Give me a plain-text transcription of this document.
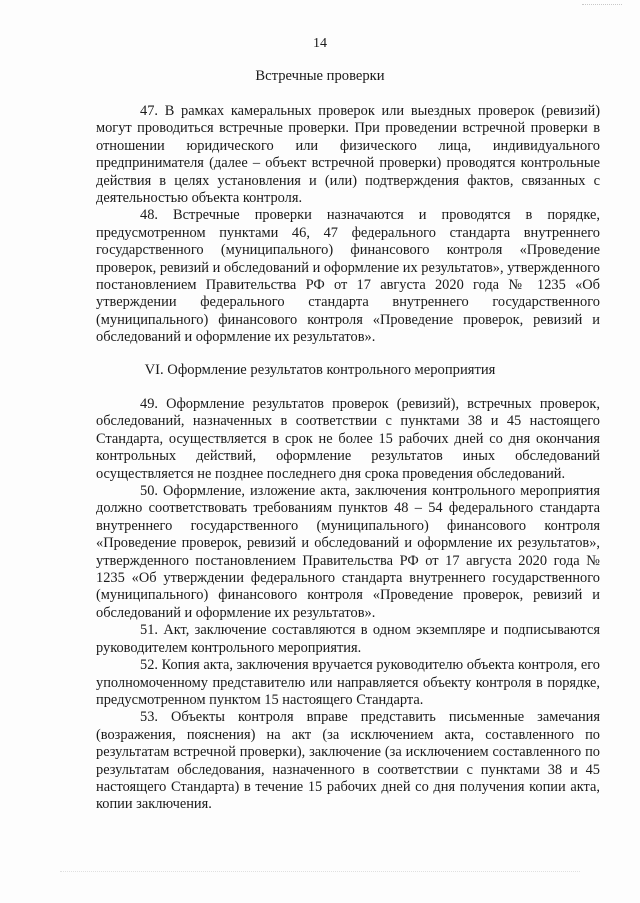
14
Встречные проверки

47. В рамках камеральных проверок или выездных проверок (ревизий) могут проводиться встречные проверки. При проведении встречной проверки в отношении юридического или физического лица, индивидуального предпринимателя (далее – объект встречной проверки) проводятся контрольные действия в целях установления и (или) подтверждения фактов, связанных с деятельностью объекта контроля.

48. Встречные проверки назначаются и проводятся в порядке, предусмотренном пунктами 46, 47 федерального стандарта внутреннего государственного (муниципального) финансового контроля «Проведение проверок, ревизий и обследований и оформление их результатов», утвержденного постановлением Правительства РФ от 17 августа 2020 года № 1235 «Об утверждении федерального стандарта внутреннего государственного (муниципального) финансового контроля «Проведение проверок, ревизий и обследований и оформление их результатов».

VI. Оформление результатов контрольного мероприятия

49. Оформление результатов проверок (ревизий), встречных проверок, обследований, назначенных в соответствии с пунктами 38 и 45 настоящего Стандарта, осуществляется в срок не более 15 рабочих дней со дня окончания контрольных действий, оформление результатов иных обследований осуществляется не позднее последнего дня срока проведения обследований.

50. Оформление, изложение акта, заключения контрольного мероприятия должно соответствовать требованиям пунктов 48 – 54 федерального стандарта внутреннего государственного (муниципального) финансового контроля «Проведение проверок, ревизий и обследований и оформление их результатов», утвержденного постановлением Правительства РФ от 17 августа 2020 года № 1235 «Об утверждении федерального стандарта внутреннего государственного (муниципального) финансового контроля «Проведение проверок, ревизий и обследований и оформление их результатов».

51. Акт, заключение составляются в одном экземпляре и подписываются руководителем контрольного мероприятия.

52. Копия акта, заключения вручается руководителю объекта контроля, его уполномоченному представителю или направляется объекту контроля в порядке, предусмотренном пунктом 15 настоящего Стандарта.

53. Объекты контроля вправе представить письменные замечания (возражения, пояснения) на акт (за исключением акта, составленного по результатам встречной проверки), заключение (за исключением составленного по результатам обследования, назначенного в соответствии с пунктами 38 и 45 настоящего Стандарта) в течение 15 рабочих дней со дня получения копии акта, копии заключения.
